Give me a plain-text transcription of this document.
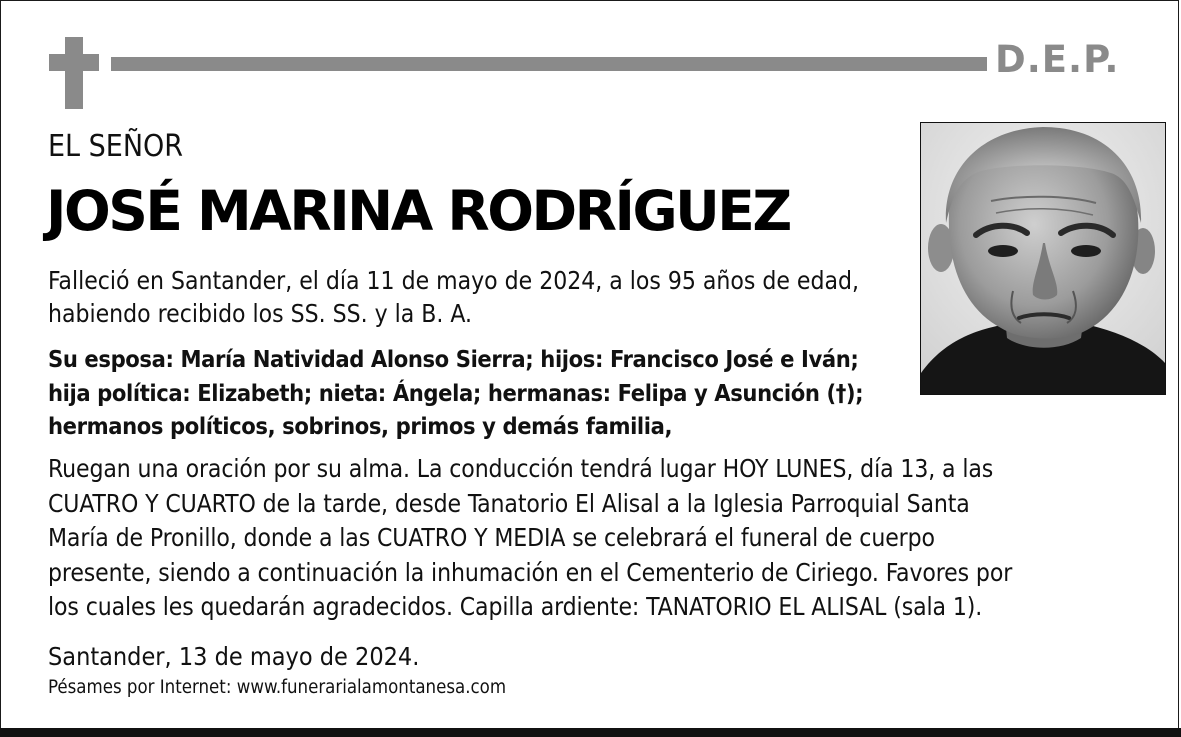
D.E.P.
EL SEÑOR
JOSÉ MARINA RODRÍGUEZ
Falleció en Santander, el día 11 de mayo de 2024, a los 95 años de edad, habiendo recibido los SS. SS. y la B. A.
Su esposa: María Natividad Alonso Sierra; hijos: Francisco José e Iván;
hija política: Elizabeth; nieta: Ángela; hermanas: Felipa y Asunción (†);
hermanos políticos, sobrinos, primos y demás familia,
Ruegan una oración por su alma. La conducción tendrá lugar HOY LUNES, día 13, a las
CUATRO Y CUARTO de la tarde, desde Tanatorio El Alisal a la Iglesia Parroquial Santa
María de Pronillo, donde a las CUATRO Y MEDIA se celebrará el funeral de cuerpo
presente, siendo a continuación la inhumación en el Cementerio de Ciriego. Favores por
los cuales les quedarán agradecidos. Capilla ardiente: TANATORIO EL ALISAL (sala 1).
Santander, 13 de mayo de 2024.
Pésames por Internet: www.funerarialamontanesa.com
